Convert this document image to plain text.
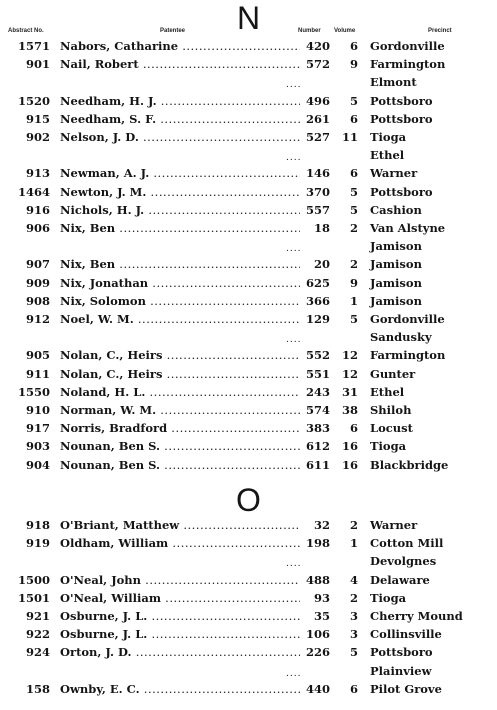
N
Abstract No.	Patentee	Number Volume	Precinct
1571 Nabors, Catharine .....	420	6 Gordonville
901 Nail, Robert .....	572	9 Farmington
....	Elmont
1520 Needham, H. J. .....	496	5 Pottsboro
915 Needham, S. F. .....	261	6 Pottsboro
902 Nelson, J. D. .....	527	11 Tioga
....	Ethel
913 Newman, A. J. .....	146	6 Warner
1464 Newton, J. M. .....	370	5 Pottsboro
916 Nichols, H. J. .....	557	5 Cashion
906 Nix, Ben .....	18	2 Van Alstyne
....	Jamison
907 Nix, Ben .....	20	2 Jamison
909 Nix, Jonathan .....	625	9 Jamison
908 Nix, Solomon .....	366	1 Jamison
912 Noel, W. M. .....	129	5 Gordonville
....	Sandusky
905 Nolan, C., Heirs .....	552	12 Farmington
911 Nolan, C., Heirs .....	551	12 Gunter
1550 Noland, H. L. .....	243	31 Ethel
910 Norman, W. M. .....	574	38 Shiloh
917 Norris, Bradford .....	383	6 Locust
903 Nounan, Ben S. .....	612	16 Tioga
904 Nounan, Ben S. .....	611	16 Blackbridge
O
918 O'Briant, Matthew .....	32	2 Warner
919 Oldham, William .....	198	1 Cotton Mill
....	Devolgnes
1500 O'Neal, John .....	488	4 Delaware
1501 O'Neal, William .....	93	2 Tioga
921 Osburne, J. L. .....	35	3 Cherry Mound
922 Osburne, J. L. .....	106	3 Collinsville
924 Orton, J. D. .....	226	5 Pottsboro
....	Plainview
158 Ownby, E. C. .....	440	6 Pilot Grove
